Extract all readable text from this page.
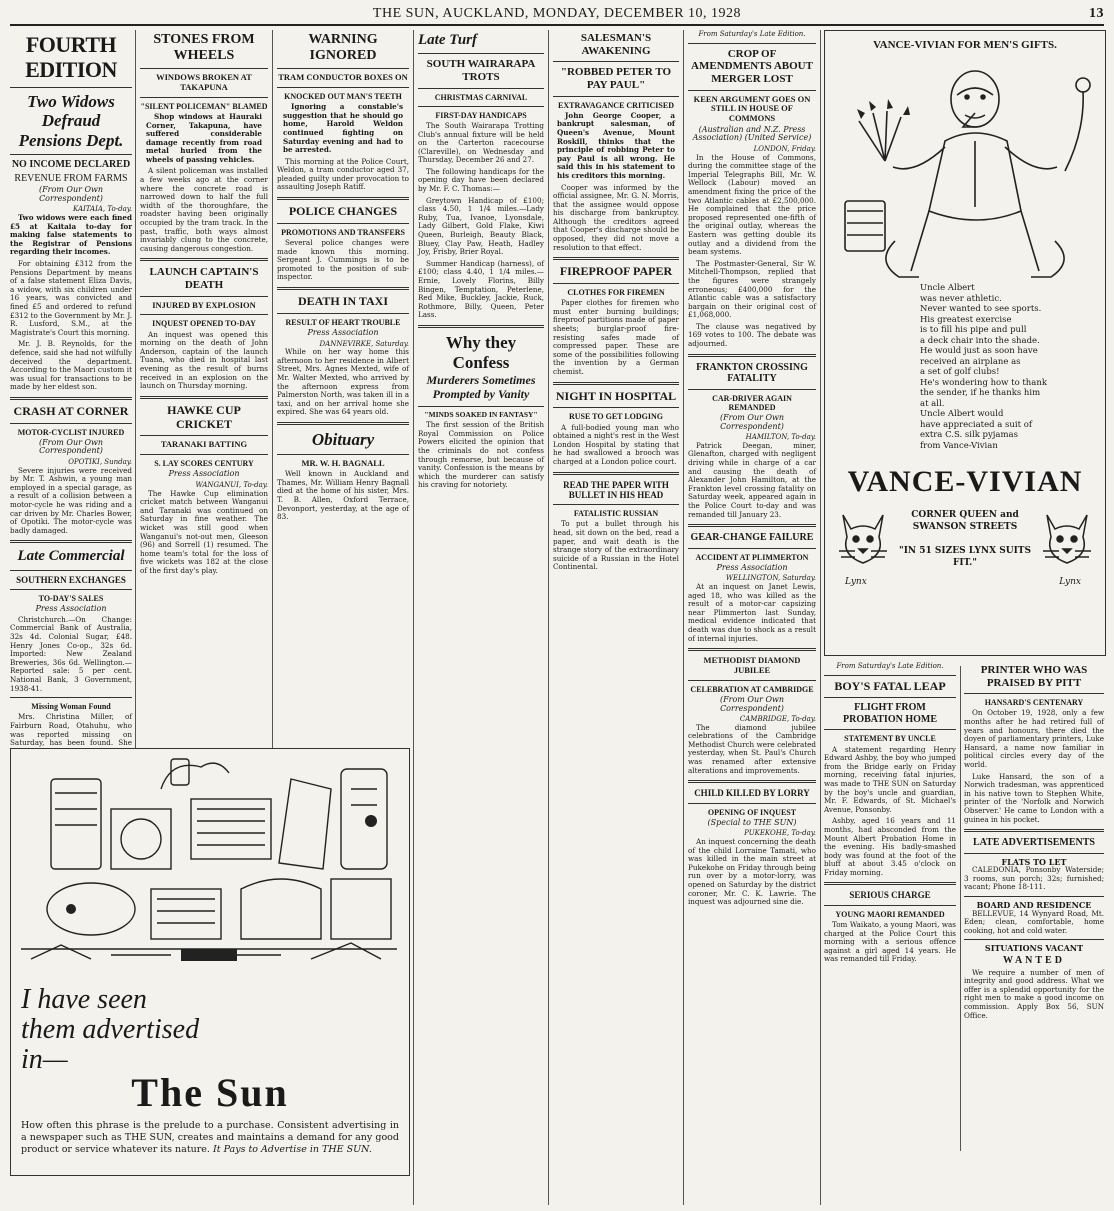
THE SUN, AUCKLAND, MONDAY, DECEMBER 10, 1928	13
FOURTH EDITION
Two Widows Defraud Pensions Dept.
NO INCOME DECLARED
REVENUE FROM FARMS
(From Our Own Correspondent)
KAITAIA, To-day.

Two widows were each fined £5 at Kaitaia to-day for making false statements to the Registrar of Pensions regarding their incomes.

For obtaining £312 from the Pensions Department by means of a false statement Eliza Davis, a widow, with six children under 16 years, was convicted and fined £5 and ordered to refund £312 to the Government by Mr. J. R. Lusford, S.M., at the Magistrate's Court this morning.

Mr. J. B. Reynolds, for the defence, said she had not wilfully deceived the department. According to the Maori custom it was usual for transactions to be made by her eldest son.

CRASH AT CORNER
MOTOR-CYCLIST INJURED
(From Our Own Correspondent)
OPOTIKI, Sunday.

Severe injuries were received by Mr. T. Ashwin, a young man employed in a special garage, as a result of a collision between a motor-cycle he was riding and a car driven by Mr. Charles Bower, of Opotiki. The motor-cycle was badly damaged.

Late Commercial
SOUTHERN EXCHANGES
TO-DAY'S SALES
Press Association

Christchurch.—On Change: Commercial Bank of Australia, 32s 4d. Colonial Sugar, £48. Henry Jones Co-op., 32s 6d. Imported: New Zealand Breweries, 36s 6d. Wellington.—Reported sale: 5 per cent. National Bank, 3 Government, 1938-41.

Missing Woman Found

Mrs. Christina Miller, of Fairburn Road, Otahuhu, who was reported missing on Saturday, has been found. She

STONES FROM WHEELS
WINDOWS BROKEN AT TAKAPUNA
"SILENT POLICEMAN" BLAMED

Shop windows at Hauraki Corner, Takapuna, have suffered considerable damage recently from road metal hurled from the wheels of passing vehicles.

A silent policeman was installed a few weeks ago at the corner where the concrete road is narrowed down to half the full width of the thoroughfare, the roadster having been originally occupied by the tram track. In the past, traffic, both ways almost invariably clung to the concrete, causing dangerous congestion.

LAUNCH CAPTAIN'S DEATH
INJURED BY EXPLOSION
INQUEST OPENED TO-DAY

An inquest was opened this morning on the death of John Anderson, captain of the launch Tuana, who died in hospital last evening as the result of burns received in an explosion on the launch on Thursday morning.

HAWKE CUP CRICKET
TARANAKI BATTING
S. LAY SCORES CENTURY
Press Association
WANGANUI, To-day.

The Hawke Cup elimination cricket match between Wanganui and Taranaki was continued on Saturday in fine weather. The wicket was still good when Wanganui's not-out men, Gleeson (96) and Sorrell (1) resumed. The home team's total for the loss of five wickets was 182 at the close of the first day's play.

WARNING IGNORED
TRAM CONDUCTOR BOXES ON
KNOCKED OUT MAN'S TEETH

Ignoring a constable's suggestion that he should go home, Harold Weldon continued fighting on Saturday evening and had to be arrested.

This morning at the Police Court, Weldon, a tram conductor aged 37, pleaded guilty under provocation to assaulting Joseph Ratiff.

POLICE CHANGES
PROMOTIONS AND TRANSFERS

Several police changes were made known this morning. Sergeant J. Cummings is to be promoted to the position of sub-inspector.

DEATH IN TAXI
RESULT OF HEART TROUBLE
Press Association
DANNEVIRKE, Saturday.

While on her way home this afternoon to her residence in Albert Street, Mrs. Agnes Mexted, wife of Mr. Walter Mexted, who arrived by the afternoon express from Palmerston North, was taken ill in a taxi, and on her arrival home she expired. She was 64 years old.

Obituary
MR. W. H. BAGNALL

Well known in Auckland and Thames, Mr. William Henry Bagnall died at the home of his sister, Mrs. T. B. Allen, Oxford Terrace, Devonport, yesterday, at the age of 83.

Late Turf
SOUTH WAIRARAPA TROTS
CHRISTMAS CARNIVAL
FIRST-DAY HANDICAPS

The South Wairarapa Trotting Club's annual fixture will be held on the Carterton racecourse (Clareville), on Wednesday and Thursday, December 26 and 27.

The following handicaps for the opening day have been declared by Mr. F. C. Thomas:—

Greytown Handicap of £100; class 4.50, 1 1/4 miles.—Lady Ruby, Tua, Ivanoe, Lyonsdale, Lady Gilbert, Gold Flake, Kiwi Queen, Burleigh, Beauty Black, Bluey, Clay Paw, Heath, Hadley Joy, Frisby, Brier Royal.

Summer Handicap (harness), of £100; class 4.40, 1 1/4 miles.—Ernie, Lovely Florins, Billy Bingen, Temptation, Peterlene, Red Mike, Buckley, Jackie, Ruck, Rothmore, Billy, Queen, Peter Lass.

Why they Confess
Murderers Sometimes Prompted by Vanity
"MINDS SOAKED IN FANTASY"

The first session of the British Royal Commission on Police Powers elicited the opinion that the criminals do not confess through remorse, but because of vanity. Confession is the means by which the murderer can satisfy his craving for notoriety.

SALESMAN'S AWAKENING
"ROBBED PETER TO PAY PAUL"
EXTRAVAGANCE CRITICISED

John George Cooper, a bankrupt salesman, of Queen's Avenue, Mount Roskill, thinks that the principle of robbing Peter to pay Paul is all wrong. He said this in his statement to his creditors this morning.

Cooper was informed by the official assignee, Mr. G. N. Morris, that the assignee would oppose his discharge from bankruptcy. Although the creditors agreed that Cooper's discharge should be opposed, they did not move a resolution to that effect.

FIREPROOF PAPER
CLOTHES FOR FIREMEN

Paper clothes for firemen who must enter burning buildings; fireproof partitions made of paper sheets; burglar-proof fire-resisting safes made of compressed paper. These are some of the possibilities following the invention by a German chemist.

NIGHT IN HOSPITAL
RUSE TO GET LODGING

A full-bodied young man who obtained a night's rest in the West London Hospital by stating that he had swallowed a brooch was charged at a London police court.

READ THE PAPER WITH BULLET IN HIS HEAD
FATALISTIC RUSSIAN

To put a bullet through his head, sit down on the bed, read a paper, and wait death is the strange story of the extraordinary suicide of a Russian in the Hotel Continental.

From Saturday's Late Edition.
CROP OF AMENDMENTS ABOUT MERGER LOST
KEEN ARGUMENT GOES ON STILL IN HOUSE OF COMMONS
(Australian and N.Z. Press Association) (United Service)
LONDON, Friday.

In the House of Commons, during the committee stage of the Imperial Telegraphs Bill, Mr. W. Wellock (Labour) moved an amendment fixing the price of the two Atlantic cables at £2,500,000. He complained that the price proposed represented one-fifth of the original outlay, whereas the Eastern was getting double its outlay and a dividend from the beam systems.

The Postmaster-General, Sir W. Mitchell-Thompson, replied that the figures were strangely erroneous; £400,000 for the Atlantic cable was a satisfactory bargain on their original cost of £1,068,000.

The clause was negatived by 169 votes to 100. The debate was adjourned.

FRANKTON CROSSING FATALITY
CAR-DRIVER AGAIN REMANDED
(From Our Own Correspondent)
HAMILTON, To-day.

Patrick Deegan, miner, Glenafton, charged with negligent driving while in charge of a car and causing the death of Alexander John Hamilton, at the Frankton level crossing fatality on Saturday week, appeared again in the Police Court to-day and was remanded till January 23.

GEAR-CHANGE FAILURE
ACCIDENT AT PLIMMERTON
Press Association
WELLINGTON, Saturday.

At an inquest on Janet Lewis, aged 18, who was killed as the result of a motor-car capsizing near Plimmerton last Sunday, medical evidence indicated that death was due to shock as a result of internal injuries.

METHODIST DIAMOND JUBILEE
CELEBRATION AT CAMBRIDGE
(From Our Own Correspondent)
CAMBRIDGE, To-day.

The diamond jubilee celebrations of the Cambridge Methodist Church were celebrated yesterday, when St. Paul's Church was renamed after extensive alterations and improvements.

CHILD KILLED BY LORRY
OPENING OF INQUEST
(Special to THE SUN)
PUKEKOHE, To-day.

An inquest concerning the death of the child Lorraine Tamati, who was killed in the main street at Pukekohe on Friday through being run over by a motor-lorry, was opened on Saturday by the district coroner, Mr. C. K. Lawrie. The inquest was adjourned sine die.

VANCE-VIVIAN FOR MEN'S GIFTS.
Uncle Albert
was never athletic.
Never wanted to see sports.
His greatest exercise
is to fill his pipe and pull
a deck chair into the shade.
He would just as soon have
received an airplane as
a set of golf clubs!
He's wondering how to thank
the sender, if he thanks him
at all.
Uncle Albert would
have appreciated a suit of
extra C.S. silk pyjamas
from Vance-Vivian
VANCE-VIVIAN
CORNER QUEEN and SWANSON STREETS
"IN 51 SIZES LYNX SUITS FIT."
Lynx	Lynx
From Saturday's Late Edition.
BOY'S FATAL LEAP
FLIGHT FROM PROBATION HOME
STATEMENT BY UNCLE

A statement regarding Henry Edward Ashby, the boy who jumped from the Bridge early on Friday morning, receiving fatal injuries, was made to THE SUN on Saturday by the boy's uncle and guardian, Mr. F. Edwards, of St. Michael's Avenue, Ponsonby.

Ashby, aged 16 years and 11 months, had absconded from the Mount Albert Probation Home in the evening. His badly-smashed body was found at the foot of the bluff at about 3.45 o'clock on Friday morning.

SERIOUS CHARGE
YOUNG MAORI REMANDED

Tom Waikato, a young Maori, was charged at the Police Court this morning with a serious offence against a girl aged 14 years. He was remanded till Friday.

PRINTER WHO WAS PRAISED BY PITT
HANSARD'S CENTENARY

On October 19, 1928, only a few months after he had retired full of years and honours, there died the doyen of parliamentary printers, Luke Hansard, a name now familiar in political circles every day of the world.

Luke Hansard, the son of a Norwich tradesman, was apprenticed in his native town to Stephen White, printer of the 'Norfolk and Norwich Observer.' He came to London with a guinea in his pocket.

LATE ADVERTISEMENTS
FLATS TO LET

CALEDONIA, Ponsonby Waterside; 3 rooms, sun porch; 32s; furnished; vacant; Phone 18-111.

BOARD AND RESIDENCE

BELLEVUE, 14 Wynyard Road, Mt. Eden; clean, comfortable, home cooking, hot and cold water.

SITUATIONS VACANT
WANTED

We require a number of men of integrity and good address. What we offer is a splendid opportunity for the right men to make a good income on commission. Apply Box 56, SUN Office.

I have seen
them advertised
in—
The Sun
How often this phrase is the prelude to a purchase. Consistent advertising in a newspaper such as THE SUN, creates and maintains a demand for any good product or service whatever its nature. It Pays to Advertise in THE SUN.
